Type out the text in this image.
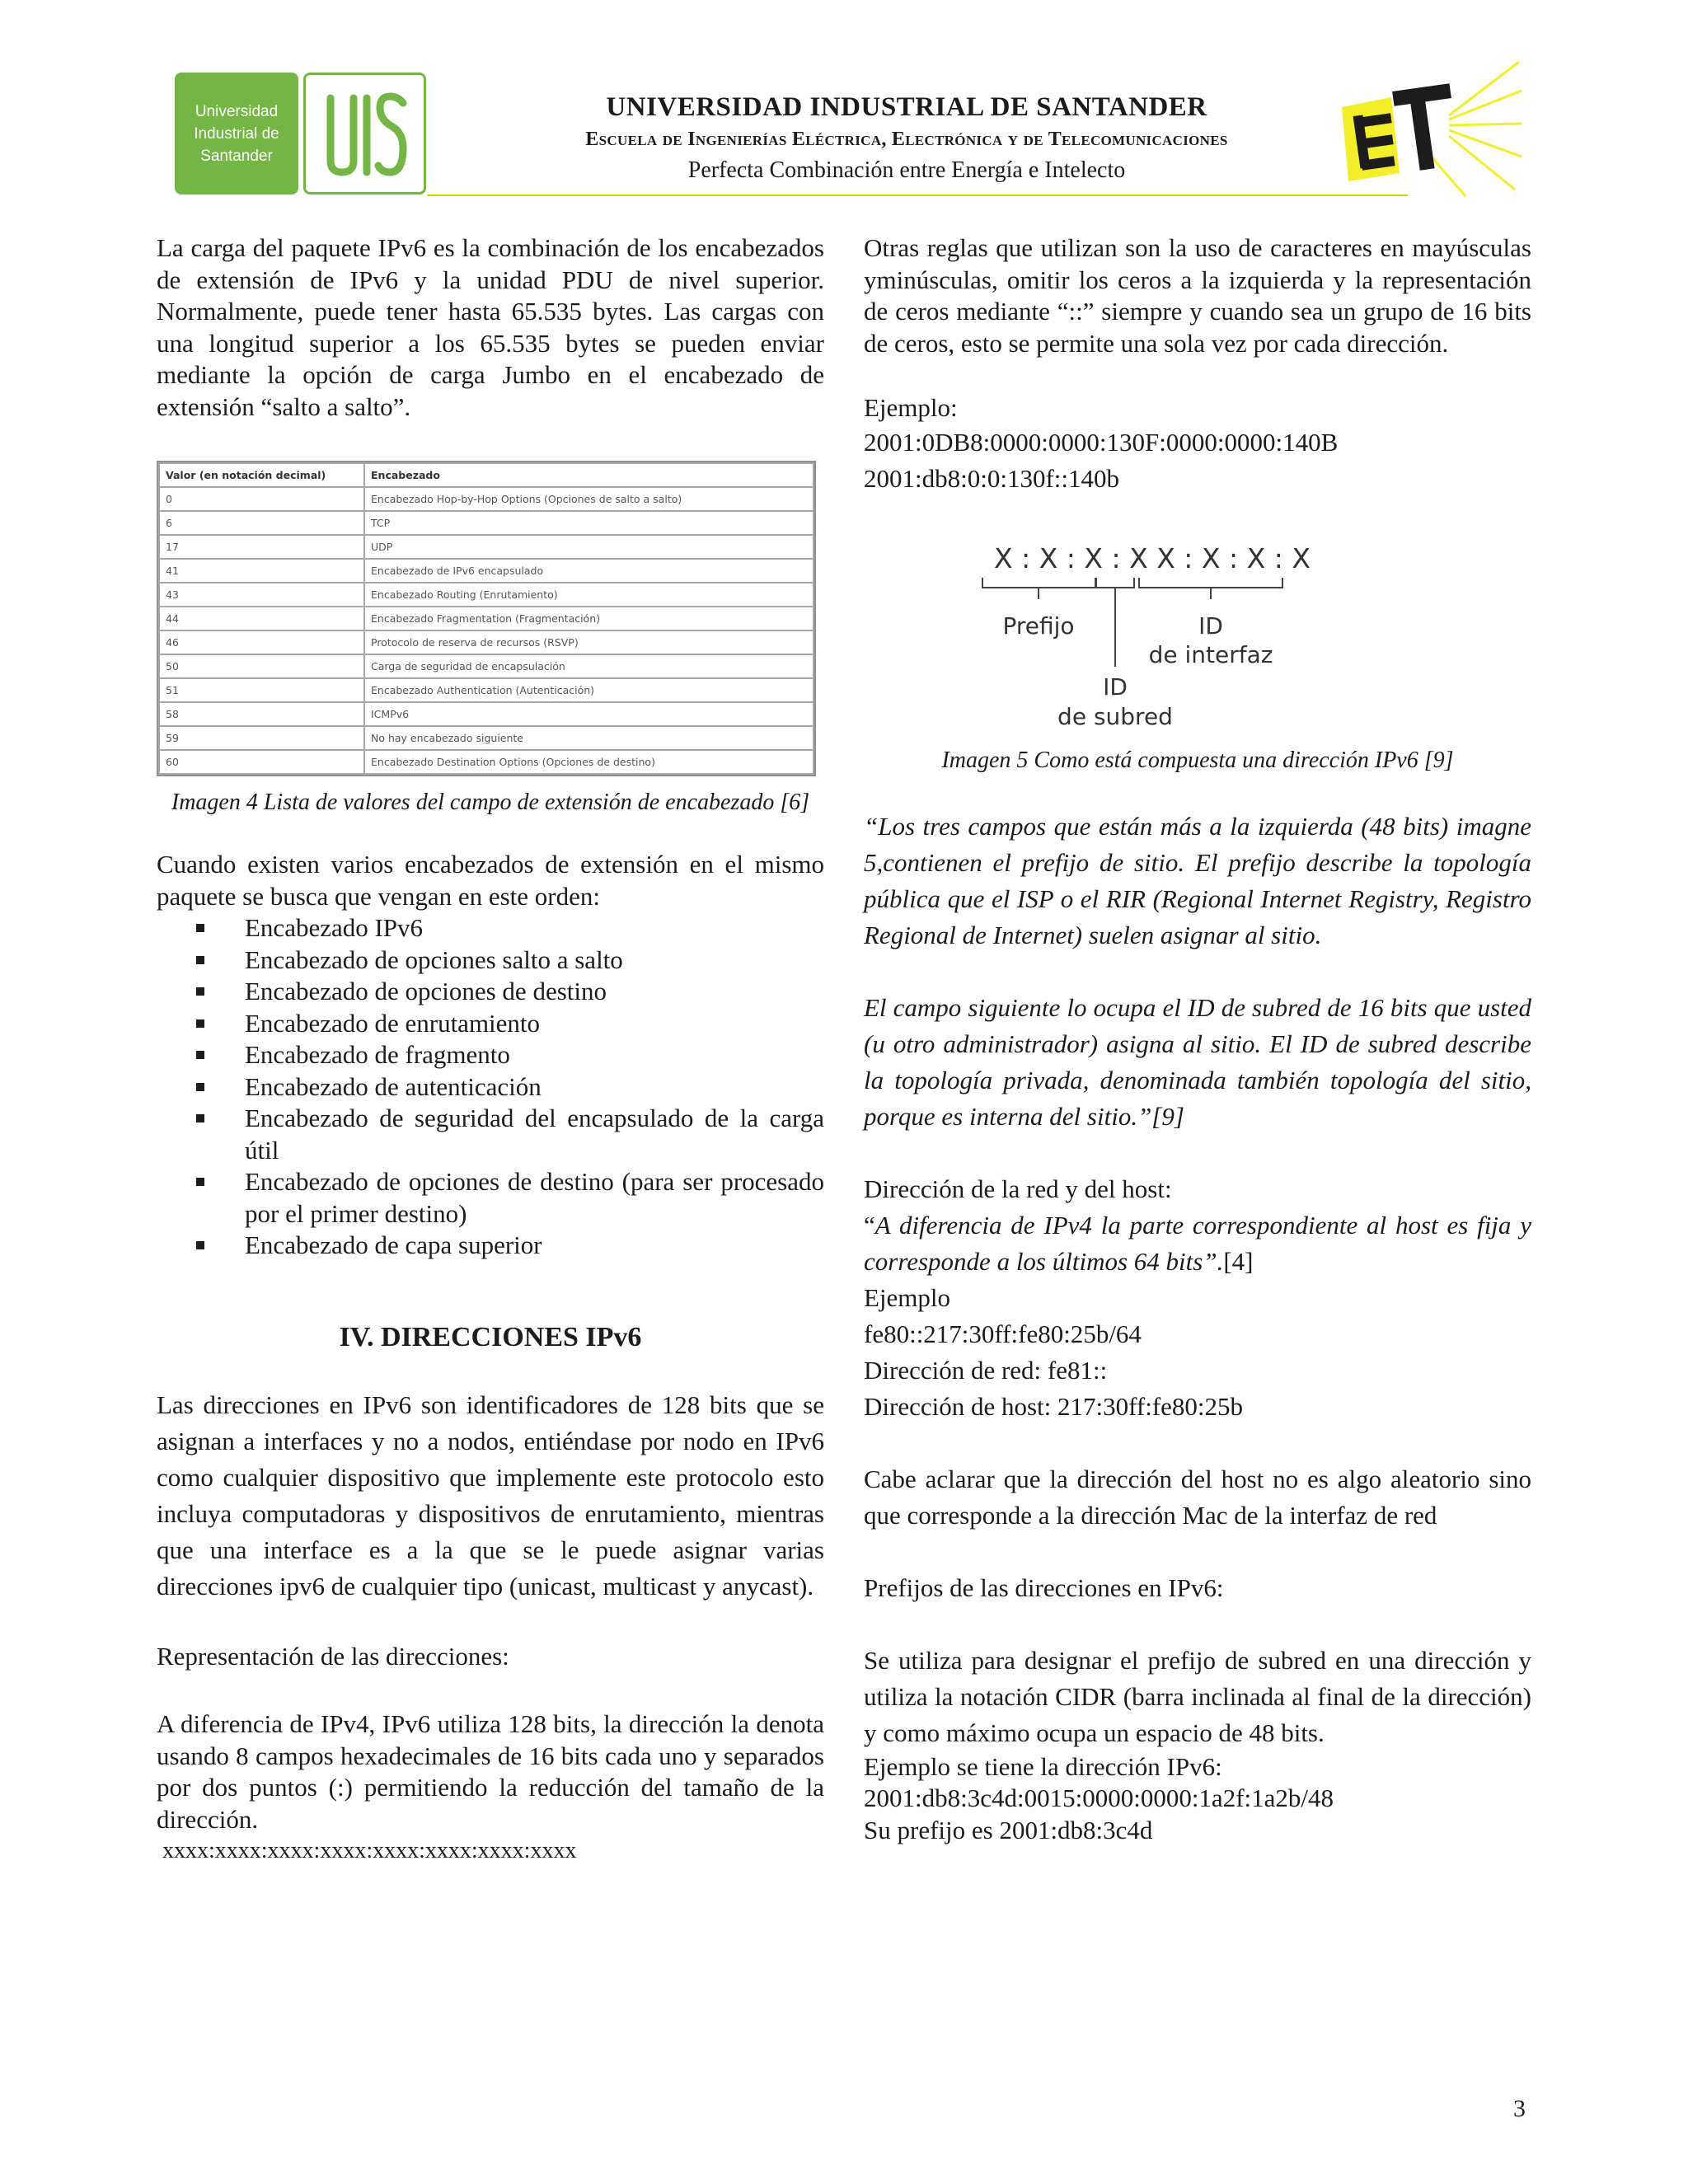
Universidad
Industrial de
Santander
UNIVERSIDAD INDUSTRIAL DE SANTANDER
Escuela de Ingenierías Eléctrica, Electrónica y de Telecomunicaciones
Perfecta Combinación entre Energía e Intelecto

La carga del paquete IPv6 es la combinación de los encabezados de extensión de IPv6 y la unidad PDU de nivel superior. Normalmente, puede tener hasta 65.535 bytes. Las cargas con una longitud superior a los 65.535 bytes se pueden enviar mediante la opción de carga Jumbo en el encabezado de extensión “salto a salto”.

Valor (en notación decimal)	Encabezado
0	Encabezado Hop-by-Hop Options (Opciones de salto a salto)
6	TCP
17	UDP
41	Encabezado de IPv6 encapsulado
43	Encabezado Routing (Enrutamiento)
44	Encabezado Fragmentation (Fragmentación)
46	Protocolo de reserva de recursos (RSVP)
50	Carga de seguridad de encapsulación
51	Encabezado Authentication (Autenticación)
58	ICMPv6
59	No hay encabezado siguiente
60	Encabezado Destination Options (Opciones de destino)

Imagen 4 Lista de valores del campo de extensión de encabezado [6]

Cuando existen varios encabezados de extensión en el mismo paquete se busca que vengan en este orden:

Encabezado IPv6
Encabezado de opciones salto a salto
Encabezado de opciones de destino
Encabezado de enrutamiento
Encabezado de fragmento
Encabezado de autenticación
Encabezado de seguridad del encapsulado de la carga útil
Encabezado de opciones de destino (para ser procesado por el primer destino)
Encabezado de capa superior

IV. DIRECCIONES IPv6

Las direcciones en IPv6 son identificadores de 128 bits que se asignan a interfaces y no a nodos, entiéndase por nodo en IPv6 como cualquier dispositivo que implemente este protocolo esto incluya computadoras y dispositivos de enrutamiento, mientras que una interface es a la que se le puede asignar varias direcciones ipv6 de cualquier tipo (unicast, multicast y anycast).

Representación de las direcciones:

A diferencia de IPv4, IPv6 utiliza 128 bits, la dirección la denota usando 8 campos hexadecimales de 16 bits cada uno y separados por dos puntos (:) permitiendo la reducción del tamaño de la dirección.

xxxx:xxxx:xxxx:xxxx:xxxx:xxxx:xxxx:xxxx

Otras reglas que utilizan son la uso de caracteres en mayúsculas yminúsculas, omitir los ceros a la izquierda y la representación de ceros mediante “::” siempre y cuando sea un grupo de 16 bits de ceros, esto se permite una sola vez por cada dirección.

Ejemplo:

2001:0DB8:0000:0000:130F:0000:0000:140B

2001:db8:0:0:130f::140b

X : X : X : X X : X : X : X
Prefijo	ID
de interfaz
ID
de subred

Imagen 5 Como está compuesta una dirección IPv6 [9]

“Los tres campos que están más a la izquierda (48 bits) imagne 5,contienen el prefijo de sitio. El prefijo describe la topología pública que el ISP o el RIR (Regional Internet Registry, Registro Regional de Internet) suelen asignar al sitio.

El campo siguiente lo ocupa el ID de subred de 16 bits que usted (u otro administrador) asigna al sitio. El ID de subred describe la topología privada, denominada también topología del sitio, porque es interna del sitio.”[9]

Dirección de la red y del host:

“A diferencia de IPv4 la parte correspondiente al host es fija y corresponde a los últimos 64 bits”.[4]

Ejemplo

fe80::217:30ff:fe80:25b/64

Dirección de red: fe81::

Dirección de host: 217:30ff:fe80:25b

Cabe aclarar que la dirección del host no es algo aleatorio sino que corresponde a la dirección Mac de la interfaz de red

Prefijos de las direcciones en IPv6:

Se utiliza para designar el prefijo de subred en una dirección y utiliza la notación CIDR (barra inclinada al final de la dirección) y como máximo ocupa un espacio de 48 bits.

Ejemplo se tiene la dirección IPv6:

2001:db8:3c4d:0015:0000:0000:1a2f:1a2b/48

Su prefijo es 2001:db8:3c4d

3
